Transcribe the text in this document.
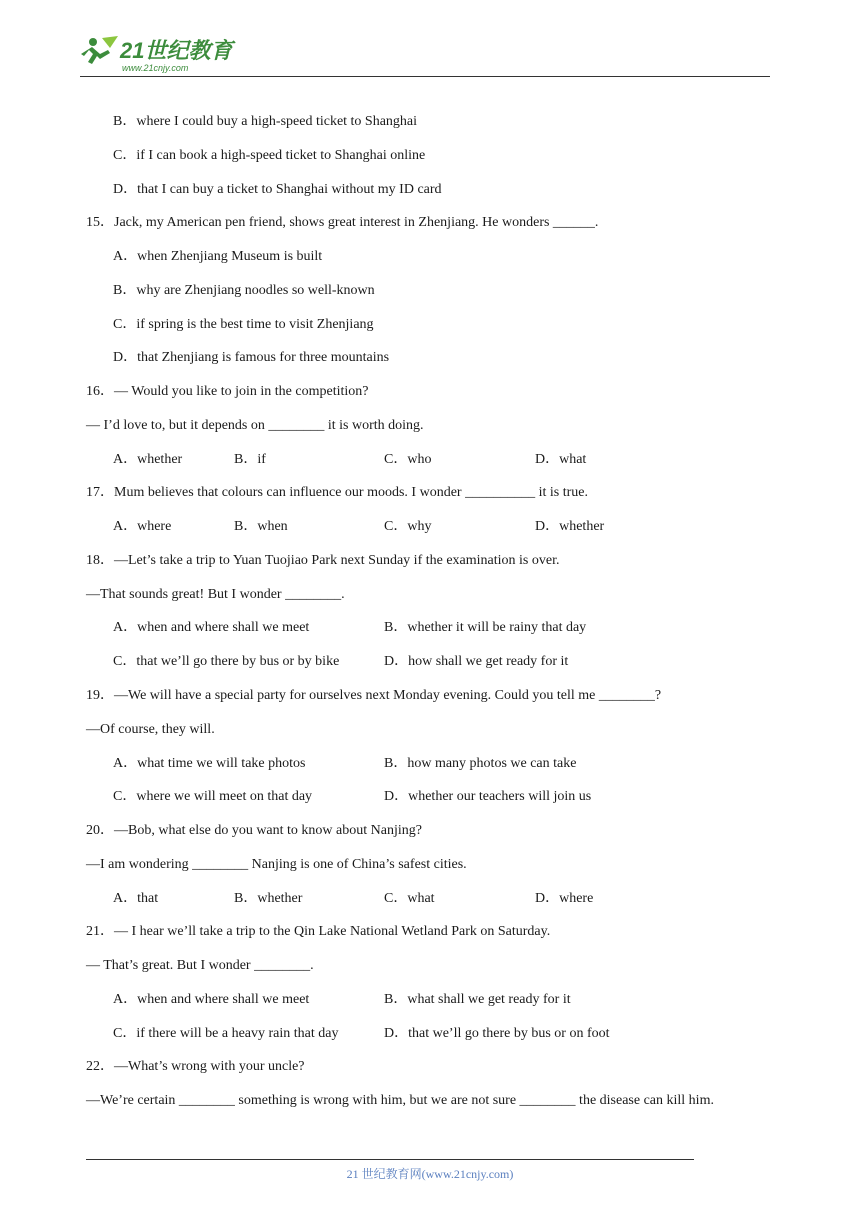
21世纪教育
www.21cnjy.com
B．where I could buy a high-speed ticket to Shanghai
C．if I can book a high-speed ticket to Shanghai online
D．that I can buy a ticket to Shanghai without my ID card
15．Jack, my American pen friend, shows great interest in Zhenjiang. He wonders ______.
A．when Zhenjiang Museum is built
B．why are Zhenjiang noodles so well-known
C．if spring is the best time to visit Zhenjiang
D．that Zhenjiang is famous for three mountains
16．— Would you like to join in the competition?
— I’d love to, but it depends on ________ it is worth doing.
A．whether	B．if	C．who	D．what
17．Mum believes that colours can influence our moods. I wonder __________ it is true.
A．where	B．when	C．why	D．whether
18．—Let’s take a trip to Yuan Tuojiao Park next Sunday if the examination is over.
—That sounds great! But I wonder ________.
A．when and where shall we meet	B．whether it will be rainy that day
C．that we’ll go there by bus or by bike	D．how shall we get ready for it
19．—We will have a special party for ourselves next Monday evening. Could you tell me ________?
—Of course, they will.
A．what time we will take photos	B．how many photos we can take
C．where we will meet on that day	D．whether our teachers will join us
20．—Bob, what else do you want to know about Nanjing?
—I am wondering ________ Nanjing is one of China’s safest cities.
A．that	B．whether	C．what	D．where
21．— I hear we’ll take a trip to the Qin Lake National Wetland Park on Saturday.
— That’s great. But I wonder ________.
A．when and where shall we meet	B．what shall we get ready for it
C．if there will be a heavy rain that day	D．that we’ll go there by bus or on foot
22．—What’s wrong with your uncle?
—We’re certain ________ something is wrong with him, but we are not sure ________ the disease can kill him.
21 世纪教育网(www.21cnjy.com)
